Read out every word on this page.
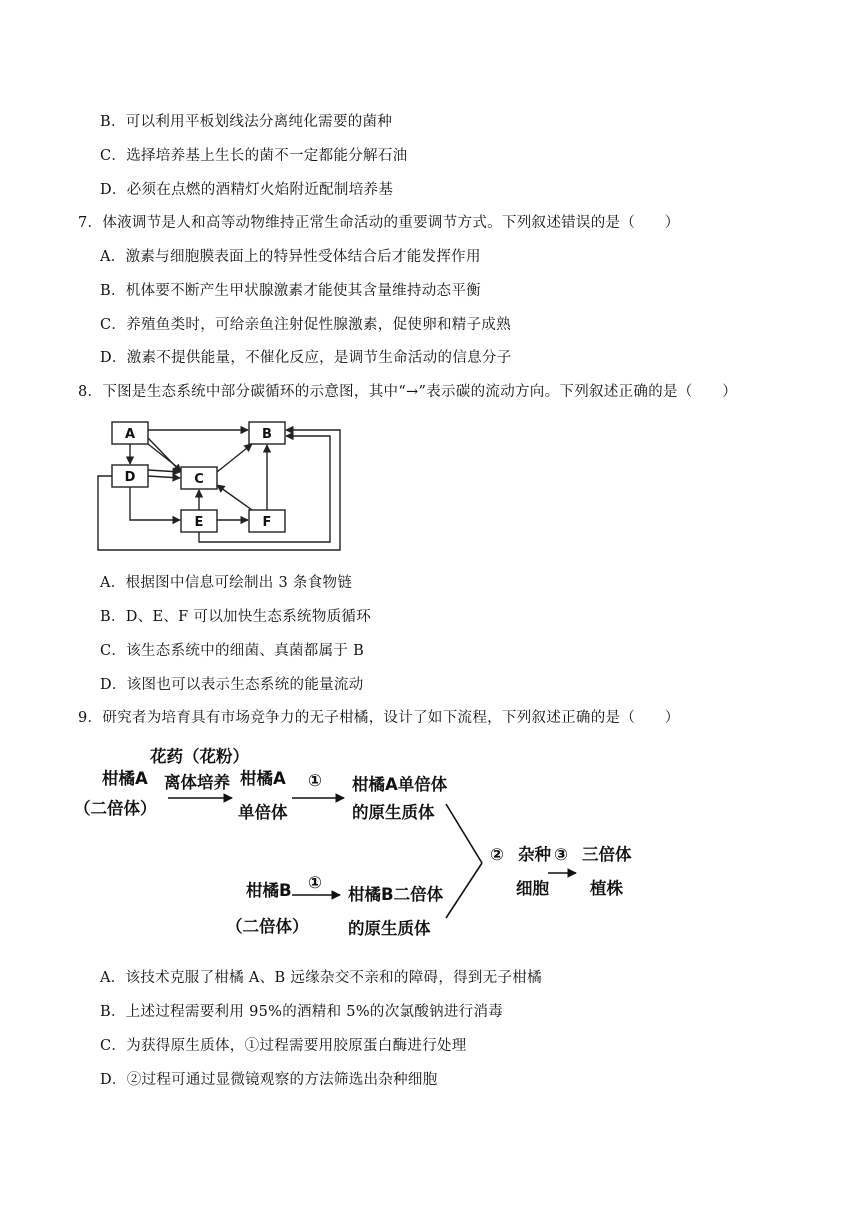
B．可以利用平板划线法分离纯化需要的菌种
C．选择培养基上生长的菌不一定都能分解石油
D．必须在点燃的酒精灯火焰附近配制培养基
7．体液调节是人和高等动物维持正常生命活动的重要调节方式。下列叙述错误的是（　　）
A．激素与细胞膜表面上的特异性受体结合后才能发挥作用
B．机体要不断产生甲状腺激素才能使其含量维持动态平衡
C．养殖鱼类时，可给亲鱼注射促性腺激素，促使卵和精子成熟
D．激素不提供能量，不催化反应，是调节生命活动的信息分子
8．下图是生态系统中部分碳循环的示意图，其中“→”表示碳的流动方向。下列叙述正确的是（　　）
A	B
D	C
E	F
A．根据图中信息可绘制出 3 条食物链
B．D、E、F 可以加快生态系统物质循环
C．该生态系统中的细菌、真菌都属于 B
D．该图也可以表示生态系统的能量流动
9．研究者为培育具有市场竞争力的无子柑橘，设计了如下流程，下列叙述正确的是（　　）
柑橘A
（二倍体）
花药（花粉）
离体培养 柑橘A
单倍体
① 柑橘A单倍体
的原生质体
柑橘B
（二倍体）
①
柑橘B二倍体
的原生质体
② 杂种 ③
细胞
三倍体
植株
A．该技术克服了柑橘 A、B 远缘杂交不亲和的障碍，得到无子柑橘
B．上述过程需要利用 95%的酒精和 5%的次氯酸钠进行消毒
C．为获得原生质体，①过程需要用胶原蛋白酶进行处理
D．②过程可通过显微镜观察的方法筛选出杂种细胞
